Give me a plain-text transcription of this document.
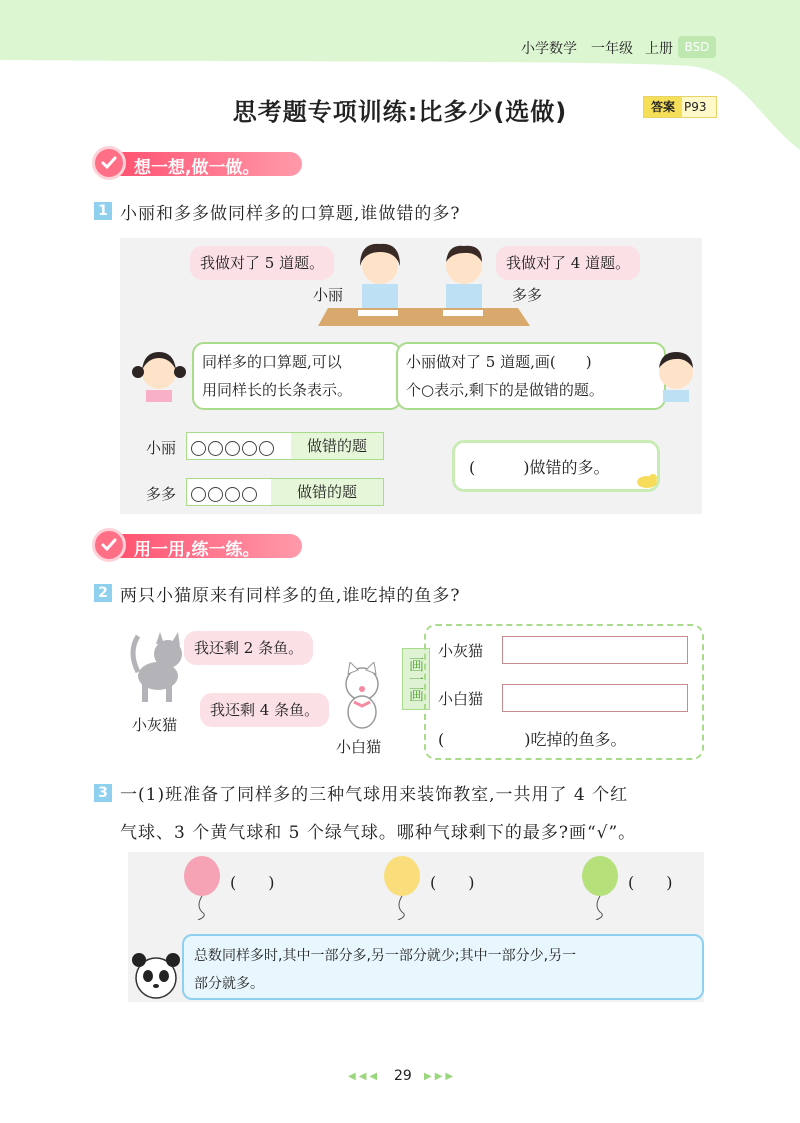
小学数学 一年级 上册 BSD
思考题专项训练:比多少(选做)	答案 P93
想一想,做一做。
1 小丽和多多做同样多的口算题,谁做错的多?
我做对了 5 道题。	我做对了 4 道题。
小丽	多多
同样多的口算题,可以
用同样长的长条表示。
小丽做对了 5 道题,画(　　)
个○表示,剩下的是做错的题。
小丽	做错的题
多多	做错的题
(　　　)做错的多。
用一用,练一练。
2 两只小猫原来有同样多的鱼,谁吃掉的鱼多?
我还剩 2 条鱼。
我还剩 4 条鱼。
小灰猫
小白猫
画一画
小灰猫
小白猫
(　　　　　)吃掉的鱼多。
3 一(1)班准备了同样多的三种气球用来装饰教室,一共用了 4 个红
气球、3 个黄气球和 5 个绿气球。哪种气球剩下的最多?画“√”。
(　　)	(　　)	(　　)
总数同样多时,其中一部分多,另一部分就少;其中一部分少,另一
部分就多。
◀◀◀ 29 ▶▶▶
